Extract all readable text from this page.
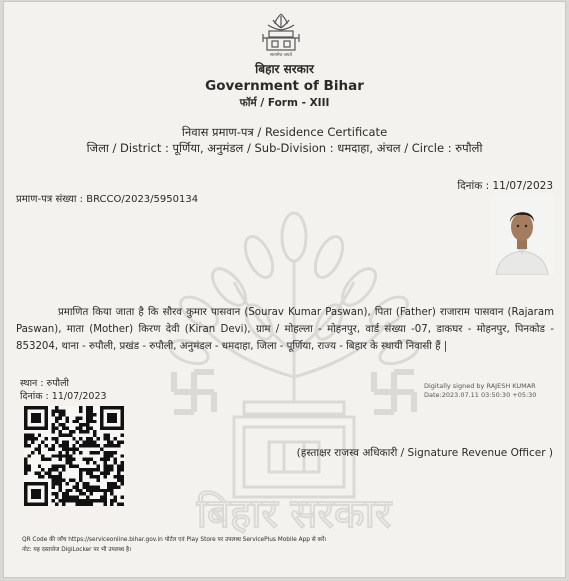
बिहार सरकार
सत्यमेव जयते
बिहार सरकार
Government of Bihar
फॉर्म / Form - XIII
निवास प्रमाण-पत्र / Residence Certificate
जिला / District : पूर्णिया, अनुमंडल / Sub-Division : धमदाहा, अंचल / Circle : रुपौली
प्रमाण-पत्र संख्या : BRCCO/2023/5950134
दिनांक : 11/07/2023
प्रमाणित किया जाता है कि सौरव कुमार पासवान (Sourav Kumar Paswan), पिता (Father) राजाराम पासवान (Rajaram Paswan), माता (Mother) किरण देवी (Kiran Devi), ग्राम / मोहल्ला - मोहनपुर, वार्ड संख्या -07, डाकघर - मोहनपुर, पिनकोड - 853204, थाना - रुपौली, प्रखंड - रुपौली, अनुमंडल - धमदाहा, जिला - पूर्णिया, राज्य - बिहार के स्थायी निवासी हैं |
स्थान : रुपौली
दिनांक : 11/07/2023
Digitally signed by RAJESH KUMAR
Date:2023.07.11 03:50:30 +05:30
(हस्ताक्षर राजस्व अधिकारी / Signature Revenue Officer )
QR Code की जाँच https://serviceonline.bihar.gov.in पोर्टल एवं Play Store पर उपलब्ध ServicePlus Mobile App से करें।
नोट: यह दस्तावेज DigiLocker पर भी उपलब्ध है।
